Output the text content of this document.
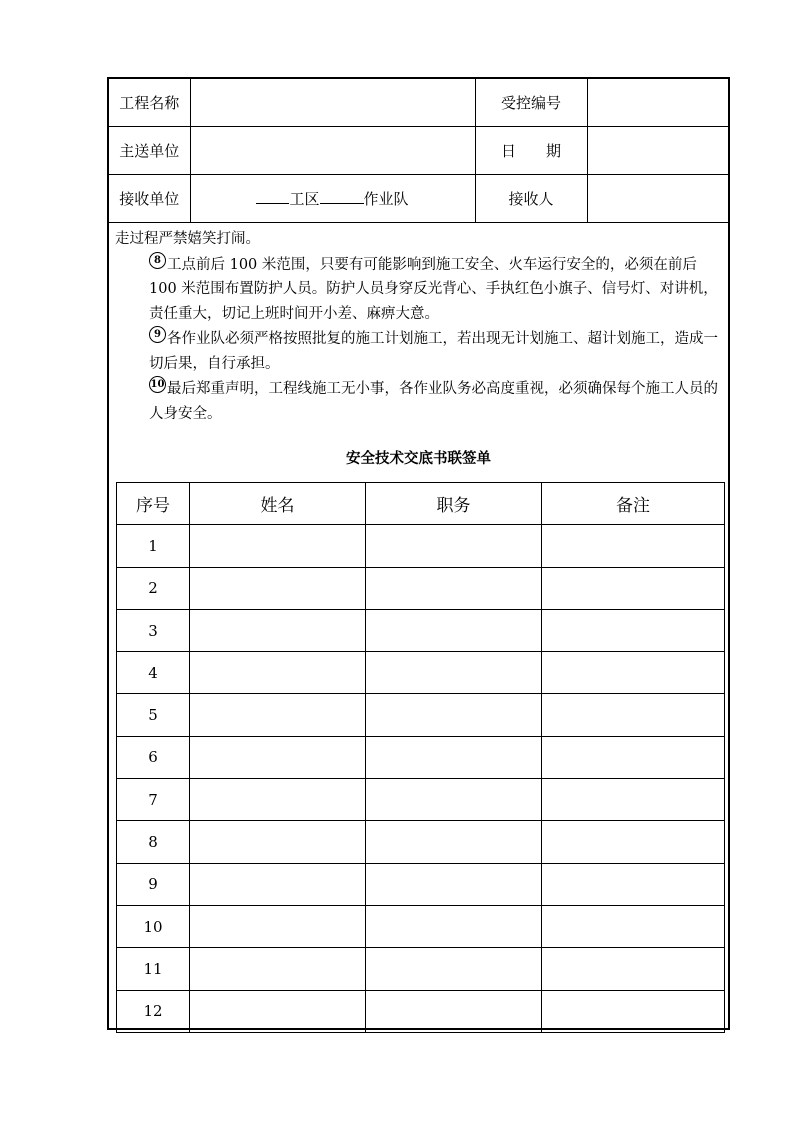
工程名称		受控编号	
主送单位		日　　期	
接收单位	工区 作业队	接收人	

走过程严禁嬉笑打闹。

8 工点前后 100 米范围，只要有可能影响到施工安全、火车运行安全的，必须在前后 100 米范围布置防护人员。防护人员身穿反光背心、手执红色小旗子、信号灯、对讲机，责任重大，切记上班时间开小差、麻痹大意。

9 各作业队必须严格按照批复的施工计划施工，若出现无计划施工、超计划施工，造成一切后果，自行承担。

10 最后郑重声明，工程线施工无小事，各作业队务必高度重视，必须确保每个施工人员的人身安全。

安全技术交底书联签单
序号	姓名	职务	备注
1			
2			
3			
4			
5			
6			
7			
8			
9			
10			
11			
12			
